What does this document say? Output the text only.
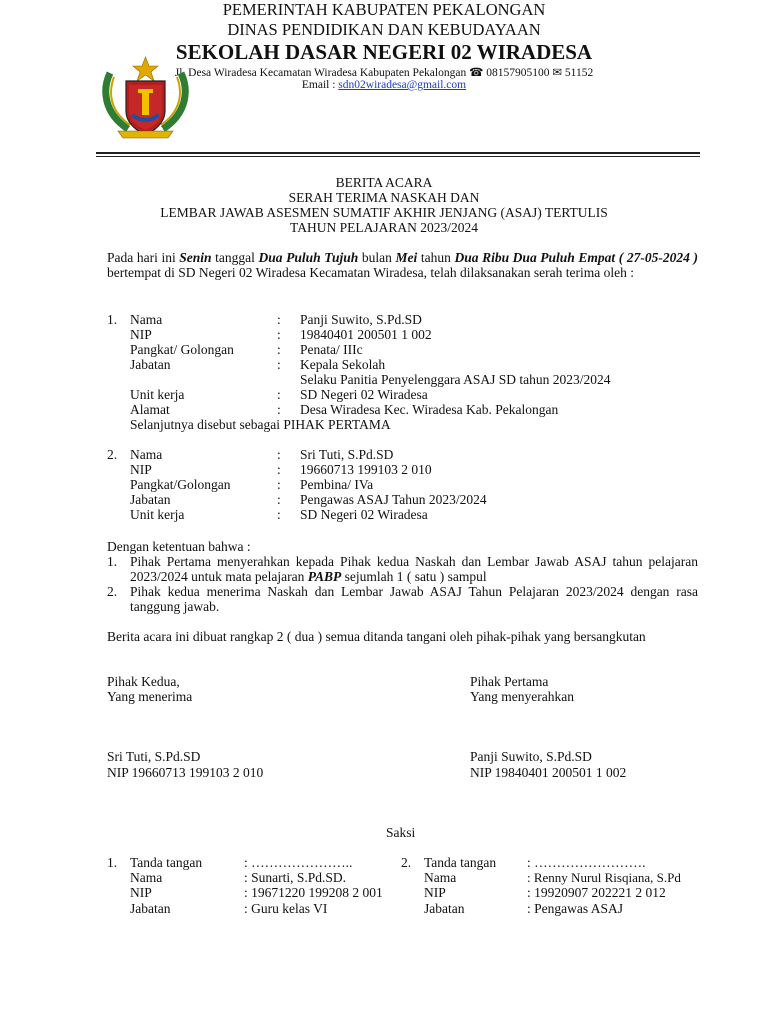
PEMERINTAH KABUPATEN PEKALONGAN
DINAS PENDIDIKAN DAN KEBUDAYAAN
SEKOLAH DASAR NEGERI 02 WIRADESA
Jl. Desa Wiradesa Kecamatan Wiradesa Kabupaten Pekalongan ☎ 08157905100 ✉ 51152
Email : sdn02wiradesa@gmail.com
BERITA ACARA
SERAH TERIMA NASKAH DAN
LEMBAR JAWAB ASESMEN SUMATIF AKHIR JENJANG (ASAJ) TERTULIS
TAHUN PELAJARAN 2023/2024
Pada hari ini Senin tanggal Dua Puluh Tujuh bulan Mei tahun Dua Ribu Dua Puluh Empat ( 27-05-2024 ) bertempat di SD Negeri 02 Wiradesa Kecamatan Wiradesa, telah dilaksanakan serah terima oleh :
1. Nama	: Panji Suwito, S.Pd.SD
NIP	: 19840401 200501 1 002
Pangkat/ Golongan	: Penata/ IIIc
Jabatan	: Kepala Sekolah
Selaku Panitia Penyelenggara ASAJ SD tahun 2023/2024
Unit kerja	: SD Negeri 02 Wiradesa
Alamat	: Desa Wiradesa Kec. Wiradesa Kab. Pekalongan
Selanjutnya disebut sebagai PIHAK PERTAMA
2. Nama	: Sri Tuti, S.Pd.SD
NIP	: 19660713 199103 2 010
Pangkat/Golongan	: Pembina/ IVa
Jabatan	: Pengawas ASAJ Tahun 2023/2024
Unit kerja	: SD Negeri 02 Wiradesa
Dengan ketentuan bahwa :
1. Pihak Pertama menyerahkan kepada Pihak kedua Naskah dan Lembar Jawab ASAJ tahun pelajaran 2023/2024 untuk mata pelajaran PABP sejumlah 1 ( satu ) sampul
2. Pihak kedua menerima Naskah dan Lembar Jawab ASAJ Tahun Pelajaran 2023/2024 dengan rasa tanggung jawab.
Berita acara ini dibuat rangkap 2 ( dua ) semua ditanda tangani oleh pihak-pihak yang bersangkutan
Pihak Kedua,
Yang menerima
Pihak Pertama
Yang menyerahkan
Sri Tuti, S.Pd.SD
NIP 19660713 199103 2 010
Panji Suwito, S.Pd.SD
NIP 19840401 200501 1 002
Saksi
1. Tanda tangan	: …………………..
Nama	: Sunarti, S.Pd.SD.
NIP	: 19671220 199208 2 001
Jabatan	: Guru kelas VI
2. Tanda tangan : …………………….
Nama	: Renny Nurul Risqiana, S.Pd
NIP	: 19920907 202221 2 012
Jabatan	: Pengawas ASAJ
